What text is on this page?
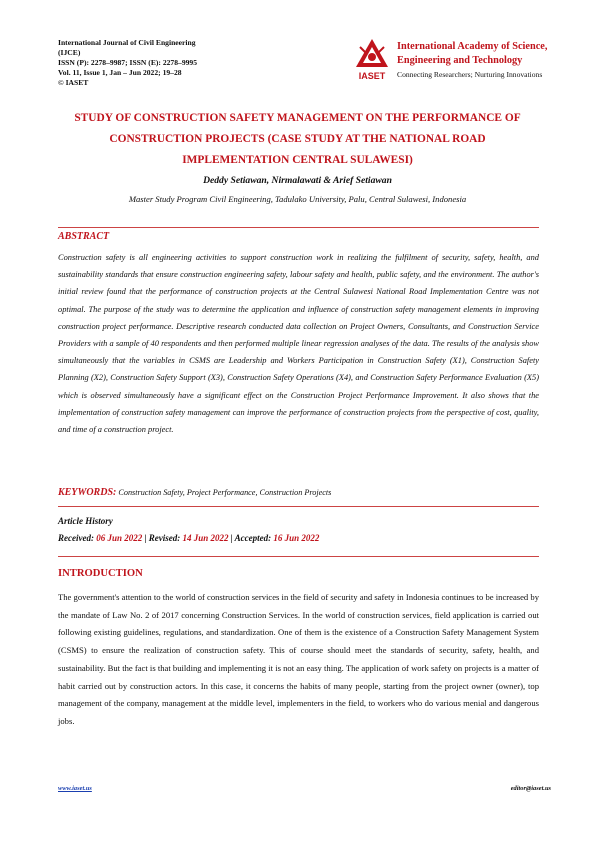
International Journal of Civil Engineering
(IJCE)
ISSN (P): 2278–9987; ISSN (E): 2278–9995
Vol. 11, Issue 1, Jan – Jun 2022; 19–28
© IASET
IASET
International Academy of Science,
Engineering and Technology
Connecting Researchers; Nurturing Innovations
STUDY OF CONSTRUCTION SAFETY MANAGEMENT ON THE PERFORMANCE OF
CONSTRUCTION PROJECTS (CASE STUDY AT THE NATIONAL ROAD
IMPLEMENTATION CENTRAL SULAWESI)
Deddy Setiawan, Nirmalawati & Arief Setiawan
Master Study Program Civil Engineering, Tadulako University, Palu, Central Sulawesi, Indonesia
ABSTRACT
Construction safety is all engineering activities to support construction work in realizing the fulfilment of security, safety, health, and sustainability standards that ensure construction engineering safety, labour safety and health, public safety, and the environment. The author's initial review found that the performance of construction projects at the Central Sulawesi National Road Implementation Centre was not optimal. The purpose of the study was to determine the application and influence of construction safety management elements in improving construction project performance. Descriptive research conducted data collection on Project Owners, Consultants, and Construction Service Providers with a sample of 40 respondents and then performed multiple linear regression analyses of the data. The results of the analysis show simultaneously that the variables in CSMS are Leadership and Workers Participation in Construction Safety (X1), Construction Safety Planning (X2), Construction Safety Support (X3), Construction Safety Operations (X4), and Construction Safety Performance Evaluation (X5) which is observed simultaneously have a significant effect on the Construction Project Performance Improvement. It also shows that the implementation of construction safety management can improve the performance of construction projects from the perspective of cost, quality, and time of a construction project.
KEYWORDS: Construction Safety, Project Performance, Construction Projects
Article History
Received: 06 Jun 2022 | Revised: 14 Jun 2022 | Accepted: 16 Jun 2022
INTRODUCTION
The government's attention to the world of construction services in the field of security and safety in Indonesia continues to be increased by the mandate of Law No. 2 of 2017 concerning Construction Services. In the world of construction services, field application is carried out following existing guidelines, regulations, and standardization. One of them is the existence of a Construction Safety Management System (CSMS) to ensure the realization of construction safety. This of course should meet the standards of security, safety, health, and sustainability. But the fact is that building and implementing it is not an easy thing. The application of work safety on projects is a matter of habit carried out by construction actors. In this case, it concerns the habits of many people, starting from the project owner (owner), top management of the company, management at the middle level, implementers in the field, to workers who do various menial and dangerous jobs.
www.iaset.us	editor@iaset.us
